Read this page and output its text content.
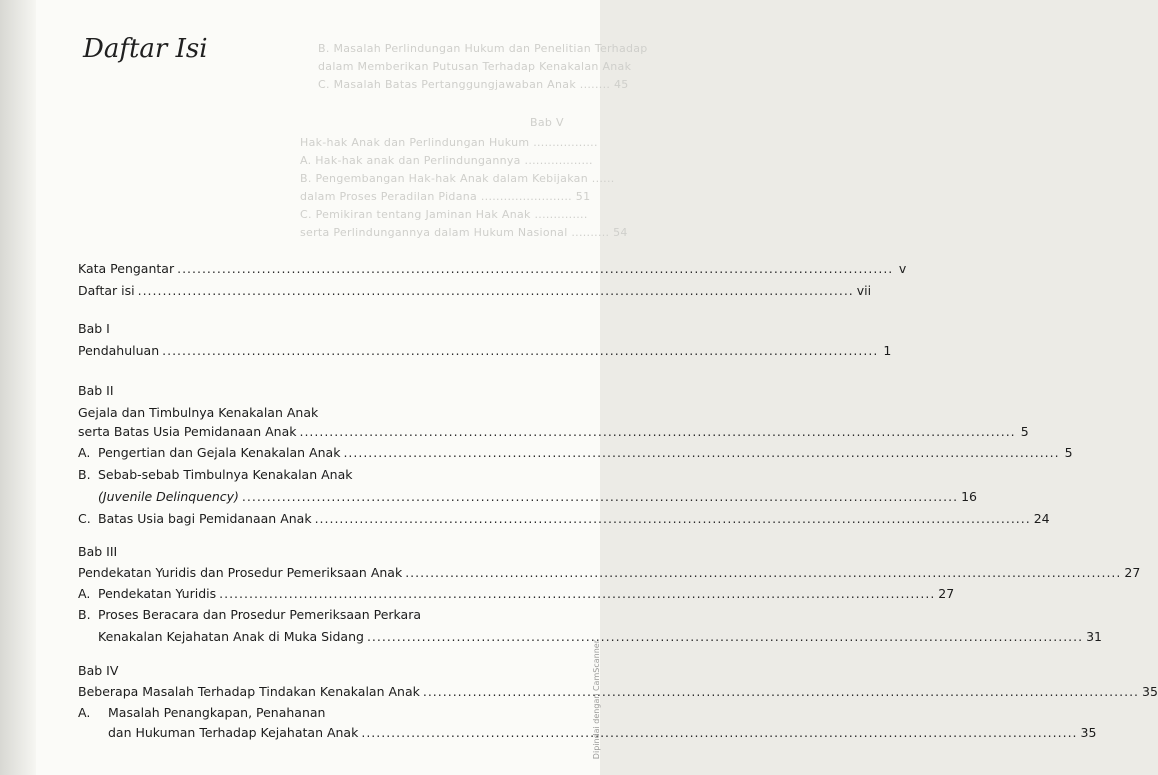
B. Masalah Perlindungan Hukum dan Penelitian Terhadap
dalam Memberikan Putusan Terhadap Kenakalan Anak
C. Masalah Batas Pertanggungjawaban Anak ........ 45
Bab V
Hak-hak Anak dan Perlindungan Hukum .................
A. Hak-hak anak dan Perlindungannya ..................
B. Pengembangan Hak-hak Anak dalam Kebijakan ......
dalam Proses Peradilan Pidana ........................ 51
C. Pemikiran tentang Jaminan Hak Anak ..............
serta Perlindungannya dalam Hukum Nasional .......... 54
Daftar Isi
Kata Pengantar ................................................................................................................................................ v
Daftar isi ................................................................................................................................................ vii
Bab I
Pendahuluan ................................................................................................................................................ 1
Bab II
Gejala dan Timbulnya Kenakalan Anak
serta Batas Usia Pemidanaan Anak ................................................................................................................................................ 5
A. Pengertian dan Gejala Kenakalan Anak ................................................................................................................................................ 5
B. Sebab-sebab Timbulnya Kenakalan Anak
(Juvenile Delinquency) ................................................................................................................................................ 16
C. Batas Usia bagi Pemidanaan Anak ................................................................................................................................................ 24
Bab III
Pendekatan Yuridis dan Prosedur Pemeriksaan Anak ................................................................................................................................................ 27
A. Pendekatan Yuridis ................................................................................................................................................ 27
B. Proses Beracara dan Prosedur Pemeriksaan Perkara
Kenakalan Kejahatan Anak di Muka Sidang ................................................................................................................................................ 31
Bab IV
Beberapa Masalah Terhadap Tindakan Kenakalan Anak ................................................................................................................................................ 35
A. Masalah Penangkapan, Penahanan
dan Hukuman Terhadap Kejahatan Anak ................................................................................................................................................ 35
Dipindai dengan CamScanner
